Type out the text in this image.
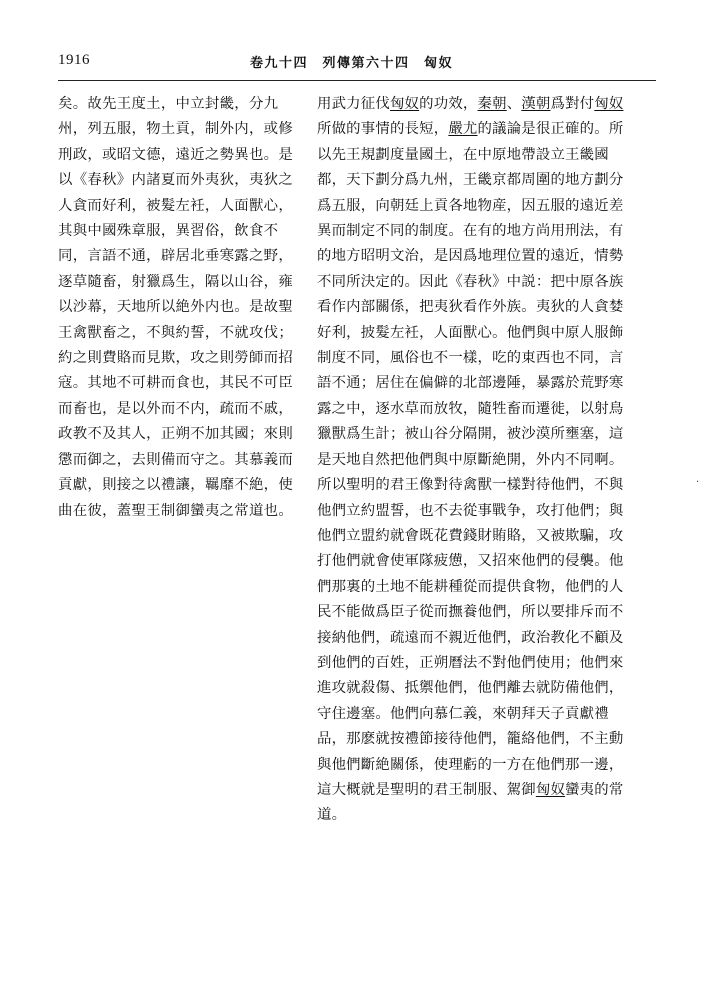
1916	卷九十四　列傳第六十四　匈奴
矣。故先王度土，中立封畿，分九
州，列五服，物土貢，制外内，或修
刑政，或昭文德，遠近之勢異也。是
以《春秋》内諸夏而外夷狄，夷狄之
人貪而好利，被髮左衽，人面獸心，
其與中國殊章服，異習俗，飲食不
同，言語不通，辟居北垂寒露之野，
逐草隨畜，射獵爲生，隔以山谷，雍
以沙幕，天地所以絶外内也。是故聖
王禽獸畜之，不與約誓，不就攻伐；
約之則費賂而見欺，攻之則勞師而招
寇。其地不可耕而食也，其民不可臣
而畜也，是以外而不内，疏而不戚，
政教不及其人，正朔不加其國；來則
懲而御之，去則備而守之。其慕義而
貢獻，則接之以禮讓，羈靡不絶，使
曲在彼，蓋聖王制御蠻夷之常道也。
用武力征伐匈奴的功效，秦朝、漢朝爲對付匈奴
所做的事情的長短，嚴尤的議論是很正確的。所
以先王規劃度量國土，在中原地帶設立王畿國
都，天下劃分爲九州，王畿京都周圍的地方劃分
爲五服，向朝廷上貢各地物産，因五服的遠近差
異而制定不同的制度。在有的地方尚用刑法，有
的地方昭明文治，是因爲地理位置的遠近，情勢
不同所決定的。因此《春秋》中説：把中原各族
看作内部關係，把夷狄看作外族。夷狄的人貪婪
好利，披髮左衽，人面獸心。他們與中原人服飾
制度不同，風俗也不一樣，吃的東西也不同，言
語不通；居住在偏僻的北部邊陲，暴露於荒野寒
露之中，逐水草而放牧，隨牲畜而遷徙，以射鳥
獵獸爲生計；被山谷分隔開，被沙漠所壅塞，這
是天地自然把他們與中原斷絶開，外内不同啊。
所以聖明的君王像對待禽獸一樣對待他們，不與
他們立約盟誓，也不去從事戰争，攻打他們；與
他們立盟約就會既花費錢財賄賂，又被欺騙，攻
打他們就會使軍隊疲憊，又招來他們的侵襲。他
們那裏的土地不能耕種從而提供食物，他們的人
民不能做爲臣子從而撫養他們，所以要排斥而不
接納他們，疏遠而不親近他們，政治教化不顧及
到他們的百姓，正朔曆法不對他們使用；他們來
進攻就殺傷、抵禦他們，他們離去就防備他們，
守住邊塞。他們向慕仁義，來朝拜天子貢獻禮
品，那麽就按禮節接待他們，籠絡他們，不主動
與他們斷絶關係，使理虧的一方在他們那一邊，
這大概就是聖明的君王制服、駕御匈奴蠻夷的常
道。
·
